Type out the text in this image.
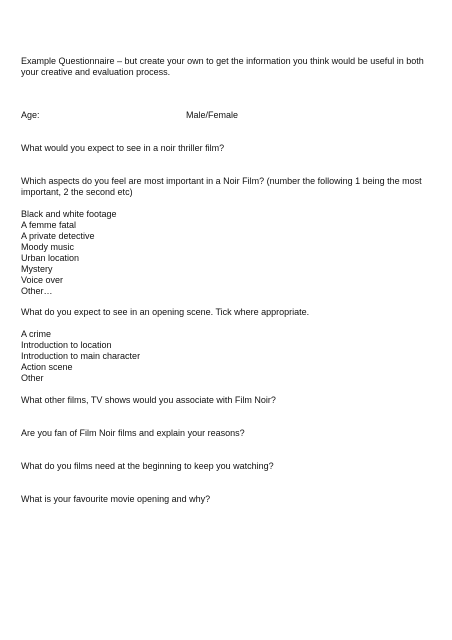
Example Questionnaire – but create your own to get the information you think would be useful in both

your creative and evaluation process.

Age:	Male/Female

What would you expect to see in a noir thriller film?

Which aspects do you feel are most important in a Noir Film? (number the following 1 being the most

important, 2 the second etc)

Black and white footage

A femme fatal

A private detective

Moody music

Urban location

Mystery

Voice over

Other…

What do you expect to see in an opening scene. Tick where appropriate.

A crime

Introduction to location

Introduction to main character

Action scene

Other

What other films, TV shows would you associate with Film Noir?

Are you fan of Film Noir films and explain your reasons?

What do you films need at the beginning to keep you watching?

What is your favourite movie opening and why?
